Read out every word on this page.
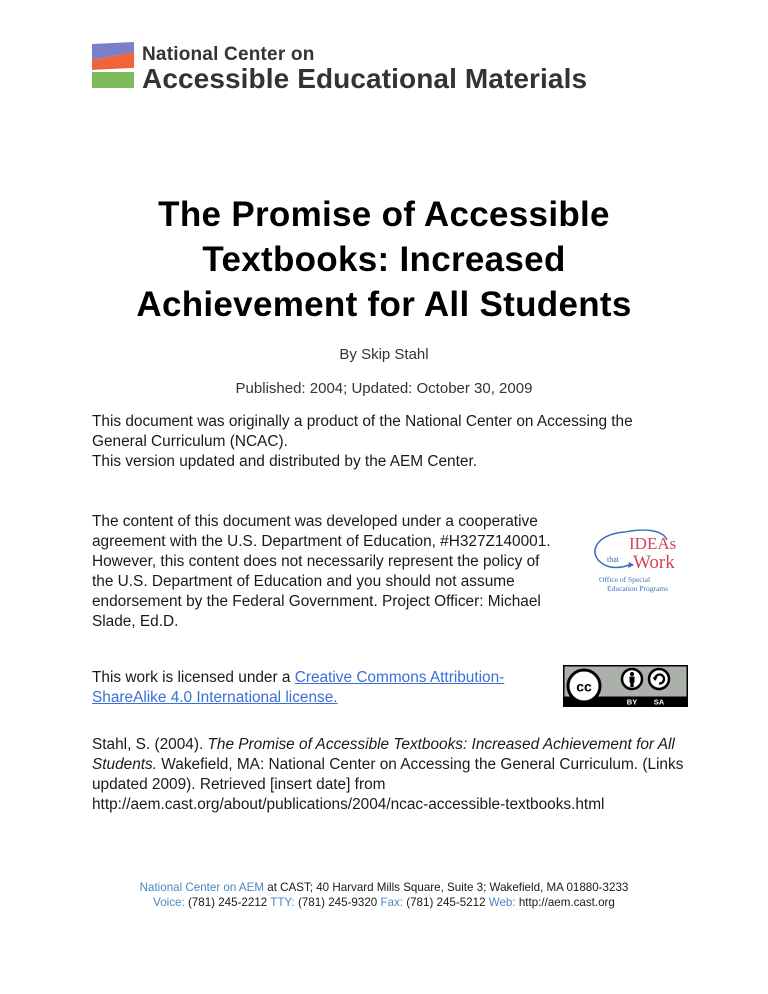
National Center on
Accessible Educational Materials
The Promise of Accessible
Textbooks: Increased
Achievement for All Students
By Skip Stahl
Published: 2004; Updated: October 30, 2009
This document was originally a product of the National Center on Accessing the
General Curriculum (NCAC).
This version updated and distributed by the AEM Center.
The content of this document was developed under a cooperative
agreement with the U.S. Department of Education, #H327Z140001.
However, this content does not necessarily represent the policy of
the U.S. Department of Education and you should not assume
endorsement by the Federal Government. Project Officer: Michael
Slade, Ed.D.
IDEAs
that Work
Office of Special
Education Programs
This work is licensed under a Creative Commons Attribution-
ShareAlike 4.0 International license.
cc
BY SA
Stahl, S. (2004). The Promise of Accessible Textbooks: Increased Achievement for All
Students. Wakefield, MA: National Center on Accessing the General Curriculum. (Links
updated 2009). Retrieved [insert date] from
http://aem.cast.org/about/publications/2004/ncac-accessible-textbooks.html
National Center on AEM at CAST; 40 Harvard Mills Square, Suite 3; Wakefield, MA 01880-3233
Voice: (781) 245-2212 TTY: (781) 245-9320 Fax: (781) 245-5212 Web: http://aem.cast.org
